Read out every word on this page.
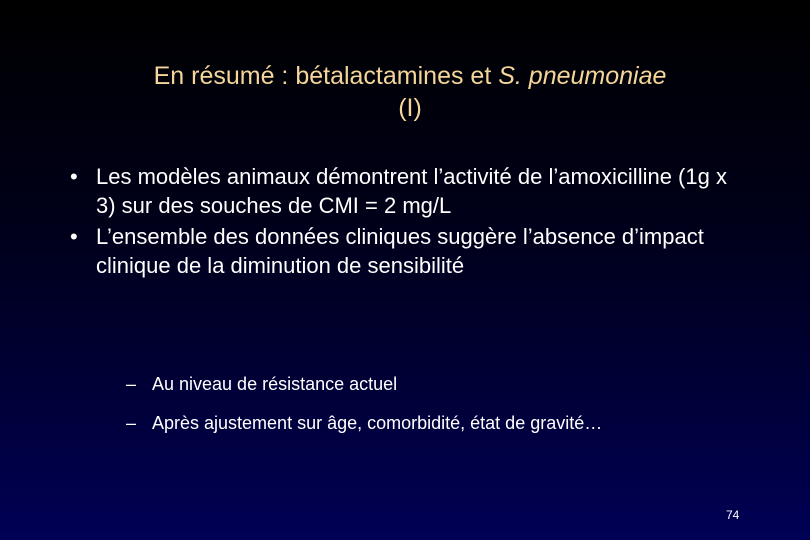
En résumé : bétalactamines et S. pneumoniae
(I)
• Les modèles animaux démontrent l’activité de l’amoxicilline (1g x 3) sur des souches de CMI = 2 mg/L
• L’ensemble des données cliniques suggère l’absence d’impact clinique de la diminution de sensibilité
– Au niveau de résistance actuel
– Après ajustement sur âge, comorbidité, état de gravité…
74
